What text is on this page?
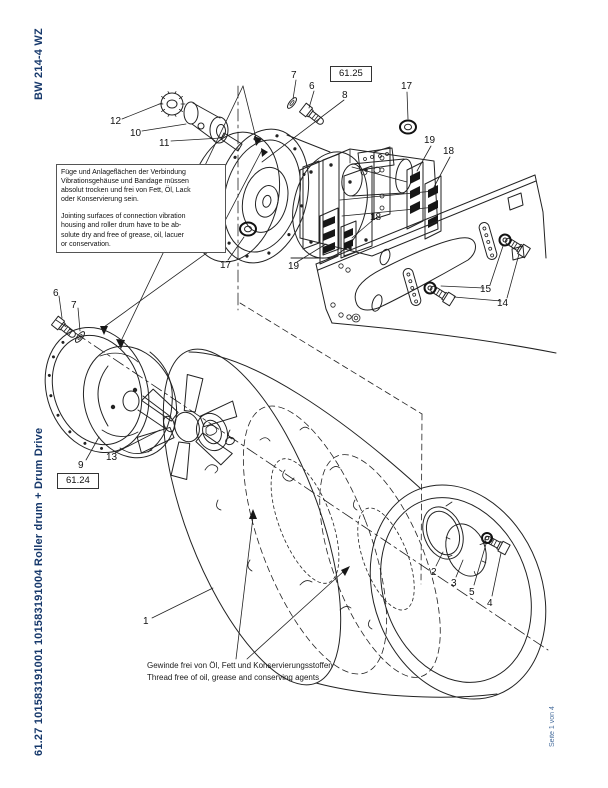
BW 214-4 WZ
61.27 101583191001 101583191004 Roller drum + Drum Drive	Seite 1 von 4
61.25
61.24
Füge und Anlageflächen der Verbindung
Vibrationsgehäuse und Bandage müssen
absolut trocken und frei von Fett, Öl, Lack
oder Konservierung sein.
Jointing surfaces of connection vibration
housing and roller drum have to be ab-
solute dry and free of grease, oil, lacuer
or conservation.
Gewinde frei von Öl, Fett und Konservierungsstoffen
Thread free of oil, grease and conserving agents
7
6
8
17
19
18
12
10
11
17	19
18
15
14
6
7
9
13
1
2
3
5
4
